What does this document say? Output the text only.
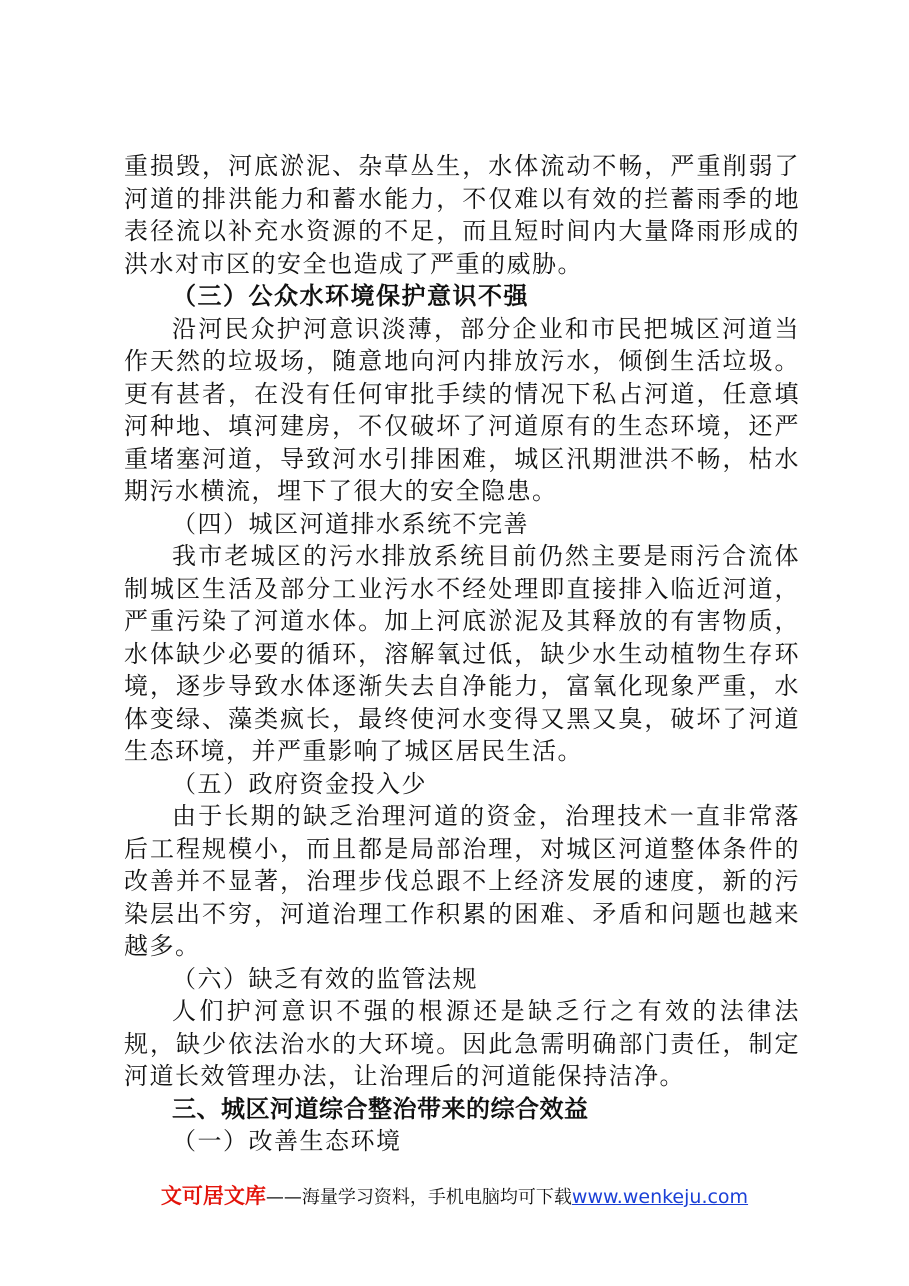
重损毁，河底淤泥、杂草丛生，水体流动不畅，严重削弱了河道的排洪能力和蓄水能力，不仅难以有效的拦蓄雨季的地表径流以补充水资源的不足，而且短时间内大量降雨形成的洪水对市区的安全也造成了严重的威胁。

（三）公众水环境保护意识不强

沿河民众护河意识淡薄，部分企业和市民把城区河道当作天然的垃圾场，随意地向河内排放污水，倾倒生活垃圾。更有甚者，在没有任何审批手续的情况下私占河道，任意填河种地、填河建房，不仅破坏了河道原有的生态环境，还严重堵塞河道，导致河水引排困难，城区汛期泄洪不畅，枯水期污水横流，埋下了很大的安全隐患。

（四）城区河道排水系统不完善

我市老城区的污水排放系统目前仍然主要是雨污合流体制城区生活及部分工业污水不经处理即直接排入临近河道，严重污染了河道水体。加上河底淤泥及其释放的有害物质，水体缺少必要的循环，溶解氧过低，缺少水生动植物生存环境，逐步导致水体逐渐失去自净能力，富氧化现象严重，水体变绿、藻类疯长，最终使河水变得又黑又臭，破坏了河道生态环境，并严重影响了城区居民生活。

（五）政府资金投入少

由于长期的缺乏治理河道的资金，治理技术一直非常落后工程规模小，而且都是局部治理，对城区河道整体条件的改善并不显著，治理步伐总跟不上经济发展的速度，新的污染层出不穷，河道治理工作积累的困难、矛盾和问题也越来越多。

（六）缺乏有效的监管法规

人们护河意识不强的根源还是缺乏行之有效的法律法规，缺少依法治水的大环境。因此急需明确部门责任，制定河道长效管理办法，让治理后的河道能保持洁净。

三、城区河道综合整治带来的综合效益

（一）改善生态环境

文可居文库——海量学习资料，手机电脑均可下载www.wenkeju.com
